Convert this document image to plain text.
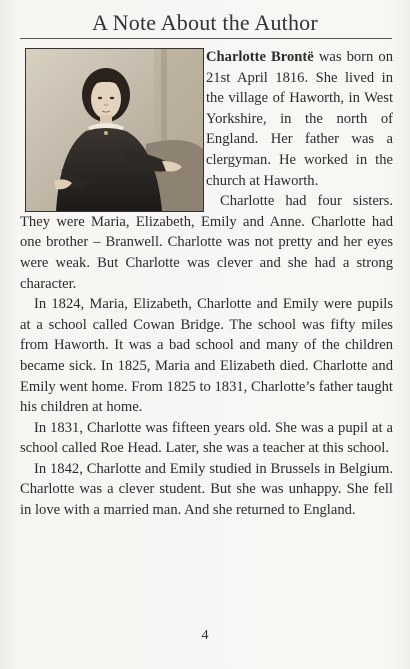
A Note About the Author

Charlotte Brontë was born on 21st April 1816. She lived in the village of Haworth, in West Yorkshire, in the north of England. Her father was a clergyman. He worked in the church at Haworth.

Charlotte had four sisters. They were Maria, Elizabeth, Emily and Anne. Charlotte had one brother – Branwell. Charlotte was not pretty and her eyes were weak. But Charlotte was clever and she had a strong character.

In 1824, Maria, Elizabeth, Charlotte and Emily were pupils at a school called Cowan Bridge. The school was fifty miles from Haworth. It was a bad school and many of the children became sick. In 1825, Maria and Elizabeth died. Charlotte and Emily went home. From 1825 to 1831, Charlotte’s father taught his children at home.

In 1831, Charlotte was fifteen years old. She was a pupil at a school called Roe Head. Later, she was a teacher at this school.

In 1842, Charlotte and Emily studied in Brussels in Belgium. Charlotte was a clever student. But she was unhappy. She fell in love with a married man. And she returned to England.

4
